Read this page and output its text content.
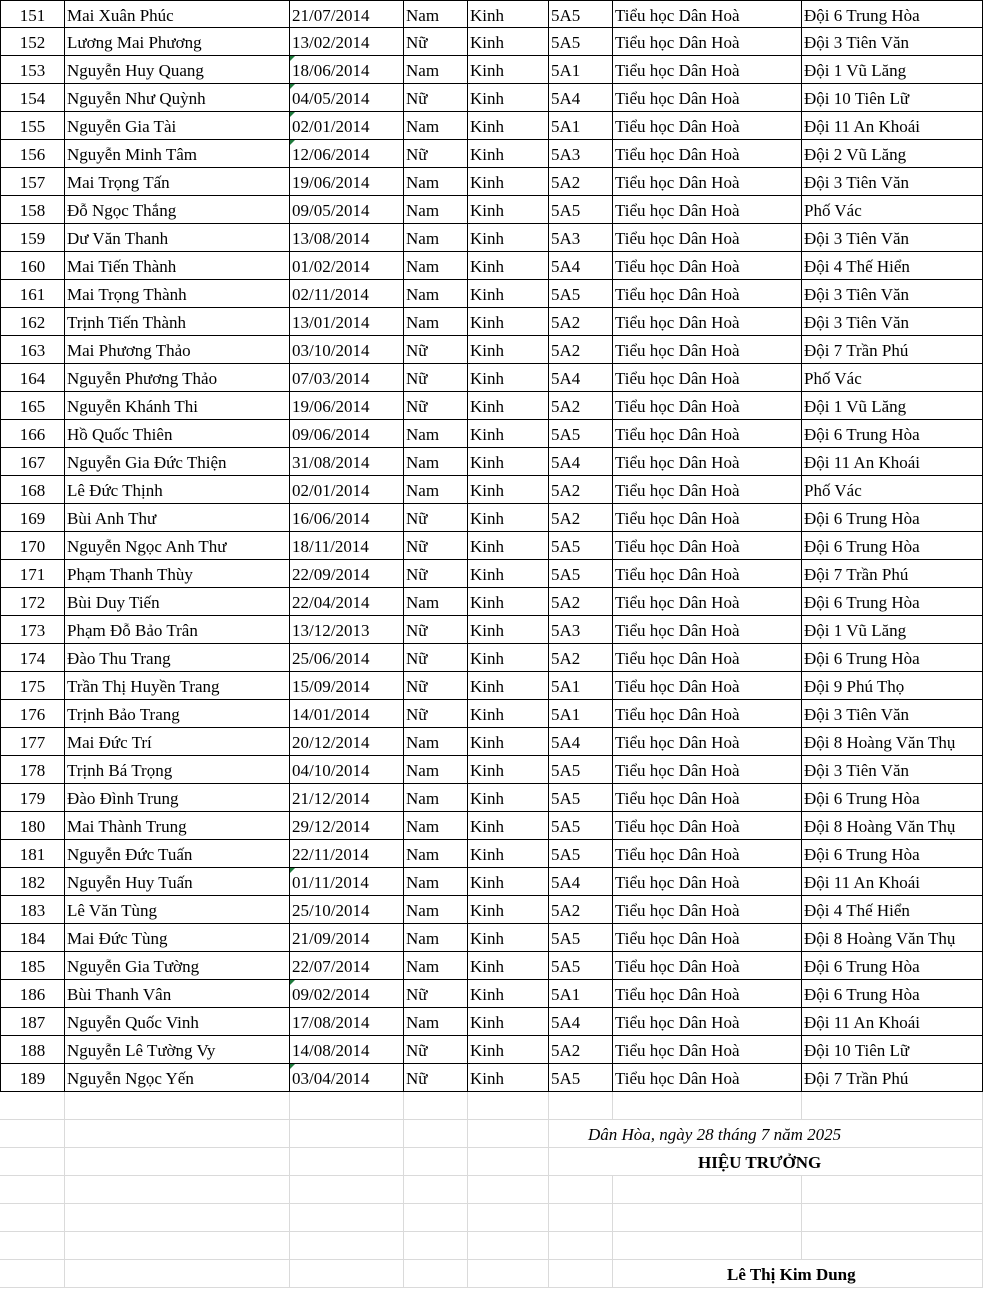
151	Mai Xuân Phúc	21/07/2014	Nam	Kinh	5A5	Tiểu học Dân Hoà	Đội 6 Trung Hòa
152	Lương Mai Phương	13/02/2014	Nữ	Kinh	5A5	Tiểu học Dân Hoà	Đội 3 Tiên Văn
153	Nguyễn Huy Quang	18/06/2014	Nam	Kinh	5A1	Tiểu học Dân Hoà	Đội 1 Vũ Lăng
154	Nguyễn Như Quỳnh	04/05/2014	Nữ	Kinh	5A4	Tiểu học Dân Hoà	Đội 10 Tiên Lữ
155	Nguyễn Gia Tài	02/01/2014	Nam	Kinh	5A1	Tiểu học Dân Hoà	Đội 11 An Khoái
156	Nguyễn Minh Tâm	12/06/2014	Nữ	Kinh	5A3	Tiểu học Dân Hoà	Đội 2 Vũ Lăng
157	Mai Trọng Tấn	19/06/2014	Nam	Kinh	5A2	Tiểu học Dân Hoà	Đội 3 Tiên Văn
158	Đỗ Ngọc Thắng	09/05/2014	Nam	Kinh	5A5	Tiểu học Dân Hoà	Phố Vác
159	Dư Văn Thanh	13/08/2014	Nam	Kinh	5A3	Tiểu học Dân Hoà	Đội 3 Tiên Văn
160	Mai Tiến Thành	01/02/2014	Nam	Kinh	5A4	Tiểu học Dân Hoà	Đội 4 Thế Hiển
161	Mai Trọng Thành	02/11/2014	Nam	Kinh	5A5	Tiểu học Dân Hoà	Đội 3 Tiên Văn
162	Trịnh Tiến Thành	13/01/2014	Nam	Kinh	5A2	Tiểu học Dân Hoà	Đội 3 Tiên Văn
163	Mai Phương Thảo	03/10/2014	Nữ	Kinh	5A2	Tiểu học Dân Hoà	Đội 7 Trần Phú
164	Nguyễn Phương Thảo	07/03/2014	Nữ	Kinh	5A4	Tiểu học Dân Hoà	Phố Vác
165	Nguyễn Khánh Thi	19/06/2014	Nữ	Kinh	5A2	Tiểu học Dân Hoà	Đội 1 Vũ Lăng
166	Hồ Quốc Thiên	09/06/2014	Nam	Kinh	5A5	Tiểu học Dân Hoà	Đội 6 Trung Hòa
167	Nguyễn Gia Đức Thiện	31/08/2014	Nam	Kinh	5A4	Tiểu học Dân Hoà	Đội 11 An Khoái
168	Lê Đức Thịnh	02/01/2014	Nam	Kinh	5A2	Tiểu học Dân Hoà	Phố Vác
169	Bùi Anh Thư	16/06/2014	Nữ	Kinh	5A2	Tiểu học Dân Hoà	Đội 6 Trung Hòa
170	Nguyễn Ngọc Anh Thư	18/11/2014	Nữ	Kinh	5A5	Tiểu học Dân Hoà	Đội 6 Trung Hòa
171	Phạm Thanh Thùy	22/09/2014	Nữ	Kinh	5A5	Tiểu học Dân Hoà	Đội 7 Trần Phú
172	Bùi Duy Tiến	22/04/2014	Nam	Kinh	5A2	Tiểu học Dân Hoà	Đội 6 Trung Hòa
173	Phạm Đỗ Bảo Trân	13/12/2013	Nữ	Kinh	5A3	Tiểu học Dân Hoà	Đội 1 Vũ Lăng
174	Đào Thu Trang	25/06/2014	Nữ	Kinh	5A2	Tiểu học Dân Hoà	Đội 6 Trung Hòa
175	Trần Thị Huyền Trang	15/09/2014	Nữ	Kinh	5A1	Tiểu học Dân Hoà	Đội 9 Phú Thọ
176	Trịnh Bảo Trang	14/01/2014	Nữ	Kinh	5A1	Tiểu học Dân Hoà	Đội 3 Tiên Văn
177	Mai Đức Trí	20/12/2014	Nam	Kinh	5A4	Tiểu học Dân Hoà	Đội 8 Hoàng Văn Thụ
178	Trịnh Bá Trọng	04/10/2014	Nam	Kinh	5A5	Tiểu học Dân Hoà	Đội 3 Tiên Văn
179	Đào Đình Trung	21/12/2014	Nam	Kinh	5A5	Tiểu học Dân Hoà	Đội 6 Trung Hòa
180	Mai Thành Trung	29/12/2014	Nam	Kinh	5A5	Tiểu học Dân Hoà	Đội 8 Hoàng Văn Thụ
181	Nguyễn Đức Tuấn	22/11/2014	Nam	Kinh	5A5	Tiểu học Dân Hoà	Đội 6 Trung Hòa
182	Nguyễn Huy Tuấn	01/11/2014	Nam	Kinh	5A4	Tiểu học Dân Hoà	Đội 11 An Khoái
183	Lê Văn Tùng	25/10/2014	Nam	Kinh	5A2	Tiểu học Dân Hoà	Đội 4 Thế Hiển
184	Mai Đức Tùng	21/09/2014	Nam	Kinh	5A5	Tiểu học Dân Hoà	Đội 8 Hoàng Văn Thụ
185	Nguyễn Gia Tường	22/07/2014	Nam	Kinh	5A5	Tiểu học Dân Hoà	Đội 6 Trung Hòa
186	Bùi Thanh Vân	09/02/2014	Nữ	Kinh	5A1	Tiểu học Dân Hoà	Đội 6 Trung Hòa
187	Nguyễn Quốc Vinh	17/08/2014	Nam	Kinh	5A4	Tiểu học Dân Hoà	Đội 11 An Khoái
188	Nguyễn Lê Tường Vy	14/08/2014	Nữ	Kinh	5A2	Tiểu học Dân Hoà	Đội 10 Tiên Lữ
189	Nguyễn Ngọc Yến	03/04/2014	Nữ	Kinh	5A5	Tiểu học Dân Hoà	Đội 7 Trần Phú
Dân Hòa, ngày 28 tháng 7 năm 2025
HIỆU TRƯỞNG
Lê Thị Kim Dung
